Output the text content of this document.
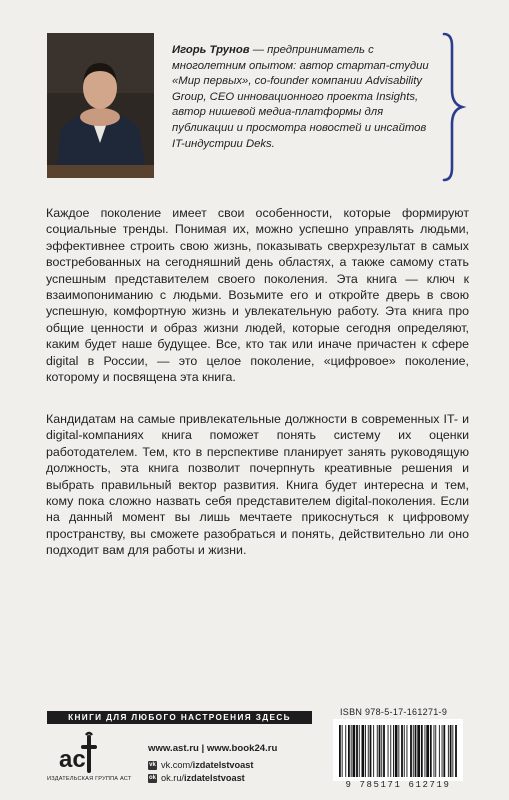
Игорь Трунов — предприниматель с многолетним опытом: автор стартап-студии «Мир первых», co-founder компании Advisability Group, CEO инновационного проекта Insights, автор нишевой медиа-платформы для публикации и просмотра новостей и инсайтов IT-индустрии Deks.

Каждое поколение имеет свои особенности, которые формируют социальные тренды. Понимая их, можно успешно управлять людьми, эффективнее строить свою жизнь, показывать сверхрезультат в самых востребованных на сегодняшний день областях, а также самому стать успешным представителем своего поколения. Эта книга — ключ к взаимопониманию с людьми. Возьмите его и откройте дверь в свою успешную, комфортную жизнь и увлекательную работу. Эта книга про общие ценности и образ жизни людей, которые сегодня определяют, каким будет наше будущее. Все, кто так или иначе причастен к сфере digital в России, — это целое поколение, «цифровое» поколение, которому и посвящена эта книга.

Кандидатам на самые привлекательные должности в современных IT- и digital-компаниях книга поможет понять систему их оценки работодателем. Тем, кто в перспективе планирует занять руководящую должность, эта книга позволит почерпнуть креативные решения и выбрать правильный вектор развития. Книга будет интересна и тем, кому пока сложно назвать себя представителем digital-поколения. Если на данный момент вы лишь мечтаете прикоснуться к цифровому пространству, вы сможете разобраться и понять, действительно ли оно подходит вам для работы и жизни.

КНИГИ ДЛЯ ЛЮБОГО НАСТРОЕНИЯ ЗДЕСЬ
ас
ИЗДАТЕЛЬСКАЯ ГРУППА АСТ
www.ast.ru | www.book24.ru
vk vk.com/ izdatelstvoast
ok ok.ru/ izdatelstvoast
ISBN 978-5-17-161271-9
9 785171 612719
